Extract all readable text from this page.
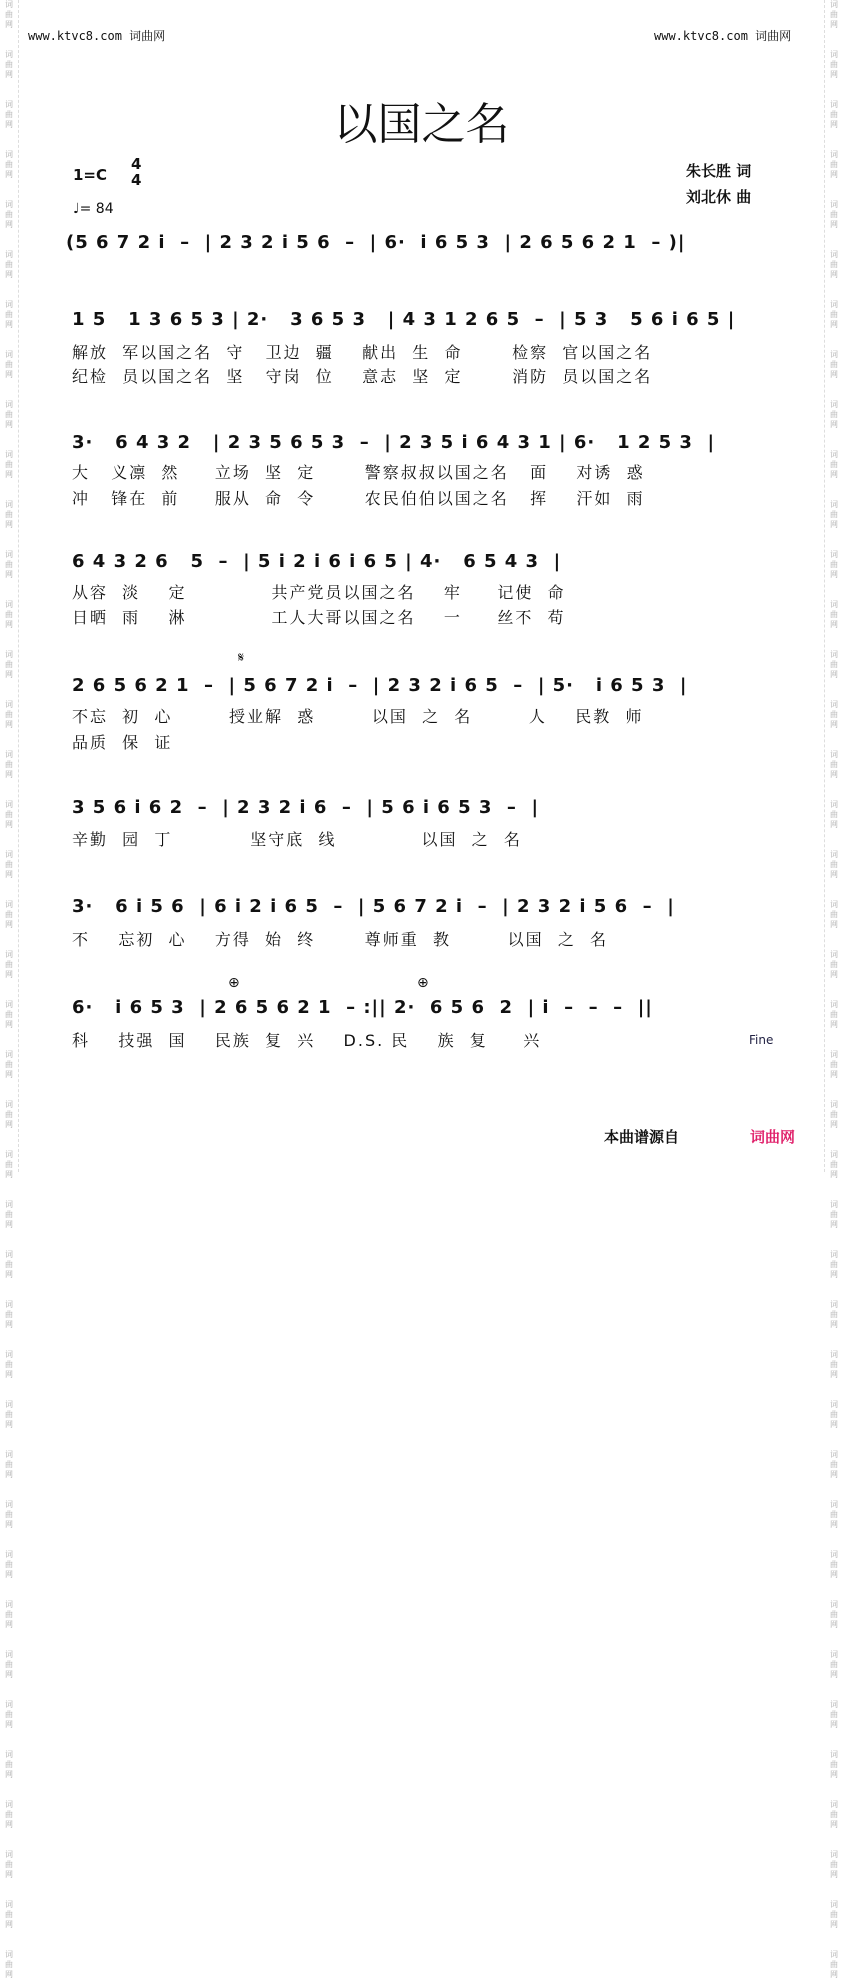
词
曲
网

词
曲
网

词
曲
网

词
曲
网

词
曲
网

词
曲
网

词
曲
网

词
曲
网

词
曲
网

词
曲
网

词
曲
网

词
曲
网

词
曲
网

词
曲
网

词
曲
网

词
曲
网

词
曲
网

词
曲
网

词
曲
网

词
曲
网

词
曲
网

词
曲
网

词
曲
网

词
曲
网

词
曲
网

词
曲
网

词
曲
网

词
曲
网

词
曲
网

词
曲
网

词
曲
网

词
曲
网

词
曲
网

词
曲
网

词
曲
网

词
曲
网

词
曲
网

词
曲
网

词
曲
网

词
曲
网

词
曲
网

词
曲
网

词
曲
网

词
曲
网

词
曲
网

词
曲
网

词
曲
网

词
曲
网

词
曲
网

词
曲
网

词
曲
网

词
曲
网

词
曲
网

词
曲
网

词
曲
网

词
曲
网

词
曲
网

词
曲
网

词
曲
网

词
曲
网

词
曲
网

词
曲
网

词
曲
网

词
曲
网

词
曲
网

词
曲
网

词
曲
网

词
曲
网

词
曲
网

词
曲
网

词
曲
网

词
曲
网

词
曲
网

词
曲
网

词
曲
网

词
曲
网

词
曲
网

词
曲
网

词
曲
网

词
曲
网

www.ktvc8.com 词曲网	www.ktvc8.com 词曲网
以国之名
1=C
4
4
♩= 84
朱长胜 词
刘北休 曲
(5 6 7 2 i  –  | 2 3 2 i 5 6  –  | 6·  i 6 5 3  | 2 6 5 6 2 1  – )|
1 5   1 3 6 5 3 | 2·   3 6 5 3   | 4 3 1 2 6 5  –  | 5 3   5 6 i 6 5 |
解放  军以国之名  守   卫边  疆    献出  生  命       检察  官以国之名
纪检  员以国之名  坚   守岗  位    意志  坚  定       消防  员以国之名
3·   6 4 3 2   | 2 3 5 6 5 3  –  | 2 3 5 i 6 4 3 1 | 6·   1 2 5 3  |
大   义凛  然     立场  坚  定       警察叔叔以国之名   面    对诱  惑
冲   锋在  前     服从  命  令       农民伯伯以国之名   挥    汗如  雨
6 4 3 2 6   5  –  | 5 i 2 i 6 i 6 5 | 4·   6 5 4 3  |
从容  淡    定            共产党员以国之名    牢     记使  命
日晒  雨    淋            工人大哥以国之名    一     丝不  苟
𝄋
2 6 5 6 2 1  –  | 5 6 7 2 i  –  | 2 3 2 i 6 5  –  | 5·   i 6 5 3  |
不忘  初  心        授业解  惑        以国  之  名        人    民教  师
品质  保  证
3 5 6 i 6 2  –  | 2 3 2 i 6  –  | 5 6 i 6 5 3  –  |
辛勤  园  丁           坚守底  线            以国  之  名
3·   6 i 5 6  | 6 i 2 i 6 5  –  | 5 6 7 2 i  –  | 2 3 2 i 5 6  –  |
不    忘初  心    方得  始  终       尊师重  教        以国  之  名
⊕	⊕
6·   i 6 5 3  | 2 6 5 6 2 1  – :|| 2·  6 5 6  2  | i  –  –  –  ||
科    技强  国    民族  复  兴    D.S. 民    族  复     兴	Fine
本曲谱源自	词曲网
